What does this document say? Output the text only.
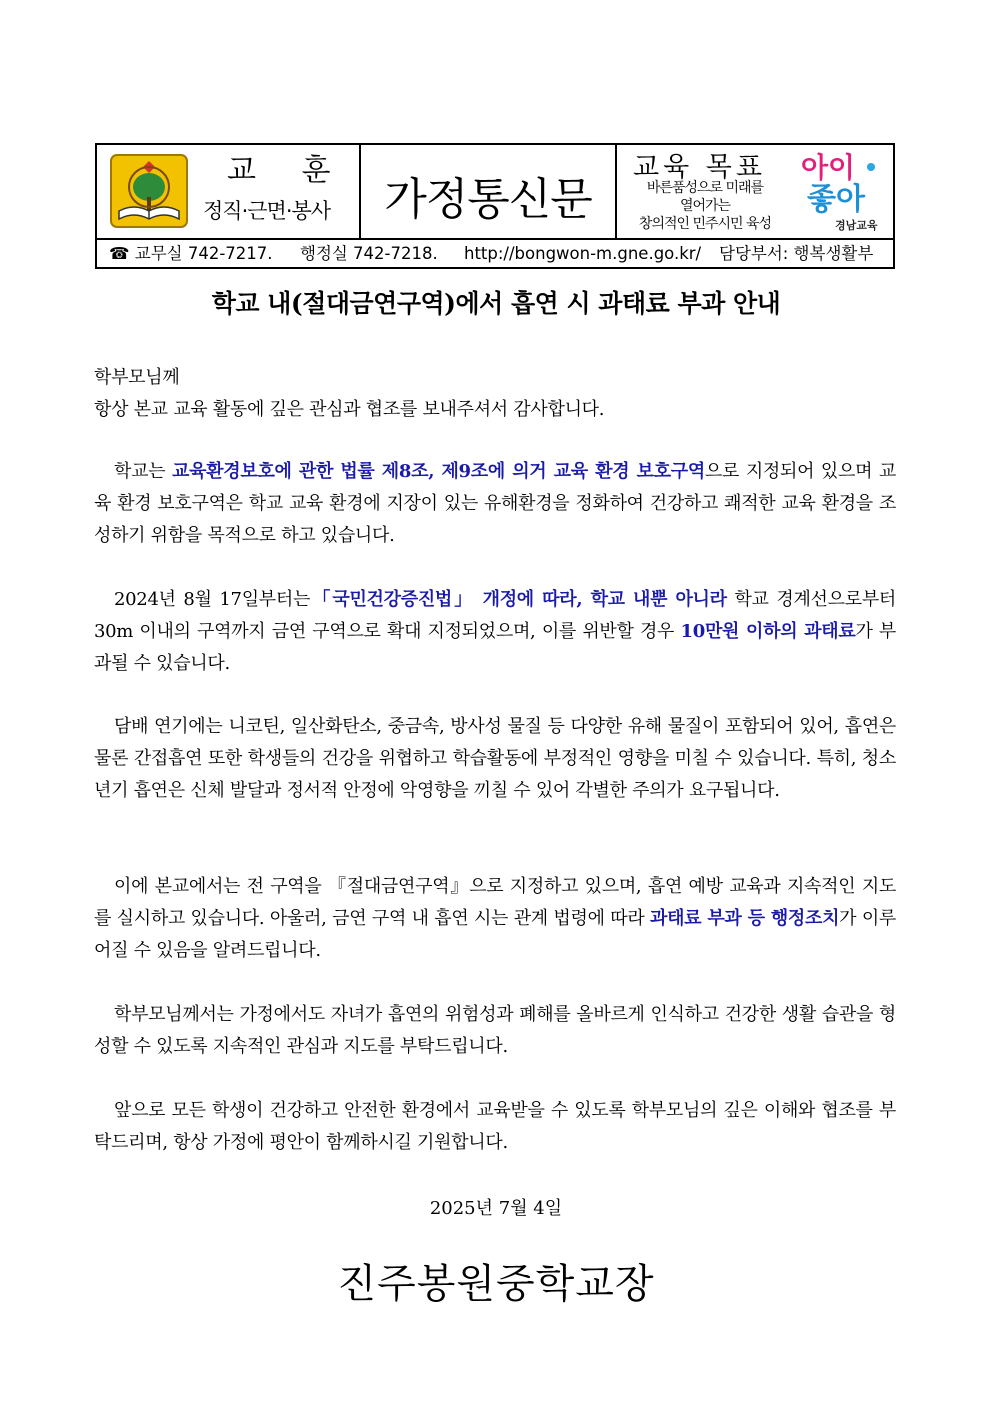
교 훈
정직·근면·봉사	가정통신문
교육 목표
바른품성으로 미래를
열어가는
창의적인 민주시민 육성
아이
좋아
경남교육
☎ 교무실 742-7217. 행정실 742-7218. http://bongwon-m.gne.go.kr/ 담당부서: 행복생활부
학교 내(절대금연구역)에서 흡연 시 과태료 부과 안내
학부모님께
항상 본교 교육 활동에 깊은 관심과 협조를 보내주셔서 감사합니다.
학교는 교육환경보호에 관한 법률 제8조, 제9조에 의거 교육 환경 보호구역으로 지정되어 있으며 교육 환경 보호구역은 학교 교육 환경에 지장이 있는 유해환경을 정화하여 건강하고 쾌적한 교육 환경을 조성하기 위함을 목적으로 하고 있습니다.
2024년 8월 17일부터는「국민건강증진법」 개정에 따라, 학교 내뿐 아니라 학교 경계선으로부터 30m 이내의 구역까지 금연 구역으로 확대 지정되었으며, 이를 위반할 경우 10만원 이하의 과태료가 부과될 수 있습니다.
담배 연기에는 니코틴, 일산화탄소, 중금속, 방사성 물질 등 다양한 유해 물질이 포함되어 있어, 흡연은 물론 간접흡연 또한 학생들의 건강을 위협하고 학습활동에 부정적인 영향을 미칠 수 있습니다. 특히, 청소년기 흡연은 신체 발달과 정서적 안정에 악영향을 끼칠 수 있어 각별한 주의가 요구됩니다.
이에 본교에서는 전 구역을 『절대금연구역』으로 지정하고 있으며, 흡연 예방 교육과 지속적인 지도를 실시하고 있습니다. 아울러, 금연 구역 내 흡연 시는 관계 법령에 따라 과태료 부과 등 행정조치가 이루어질 수 있음을 알려드립니다.
학부모님께서는 가정에서도 자녀가 흡연의 위험성과 폐해를 올바르게 인식하고 건강한 생활 습관을 형성할 수 있도록 지속적인 관심과 지도를 부탁드립니다.
앞으로 모든 학생이 건강하고 안전한 환경에서 교육받을 수 있도록 학부모님의 깊은 이해와 협조를 부탁드리며, 항상 가정에 평안이 함께하시길 기원합니다.
2025년 7월 4일
진주봉원중학교장
